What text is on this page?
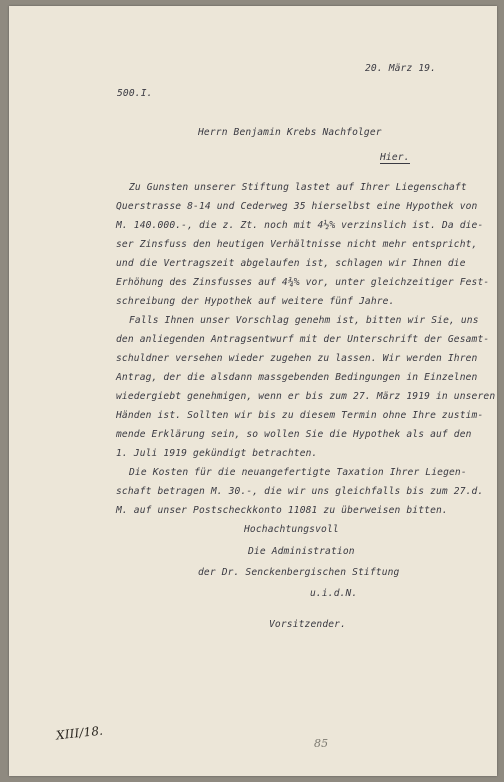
20. März 19.
500.I.
Herrn Benjamin Krebs Nachfolger
Hier.
Zu Gunsten unserer Stiftung lastet auf Ihrer Liegenschaft
Querstrasse 8-14 und Cederweg 35 hierselbst eine Hypothek von
M. 140.000.-, die z. Zt. noch mit 4½% verzinslich ist. Da die-
ser Zinsfuss den heutigen Verhältnisse nicht mehr entspricht,
und die Vertragszeit abgelaufen ist, schlagen wir Ihnen die
Erhöhung des Zinsfusses auf 4¾% vor, unter gleichzeitiger Fest-
schreibung der Hypothek auf weitere fünf Jahre.
Falls Ihnen unser Vorschlag genehm ist, bitten wir Sie, uns
den anliegenden Antragsentwurf mit der Unterschrift der Gesamt-
schuldner versehen wieder zugehen zu lassen. Wir werden Ihren
Antrag, der die alsdann massgebenden Bedingungen in Einzelnen
wiedergiebt genehmigen, wenn er bis zum 27. März 1919 in unseren
Händen ist. Sollten wir bis zu diesem Termin ohne Ihre zustim-
mende Erklärung sein, so wollen Sie die Hypothek als auf den
1. Juli 1919 gekündigt betrachten.
Die Kosten für die neuangefertigte Taxation Ihrer Liegen-
schaft betragen M. 30.-, die wir uns gleichfalls bis zum 27.d.
M. auf unser Postscheckkonto 11081 zu überweisen bitten.
Hochachtungsvoll
Die Administration
der Dr. Senckenbergischen Stiftung
u.i.d.N.
Vorsitzender.
XIII/18.
85
